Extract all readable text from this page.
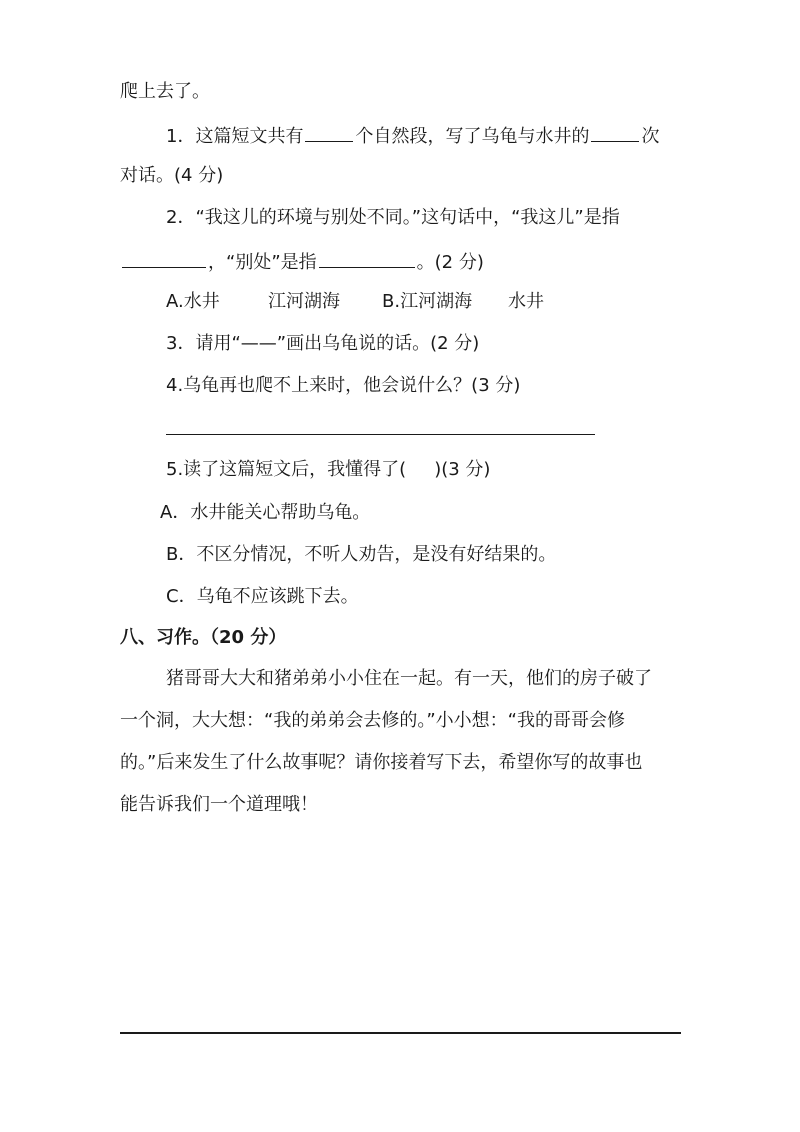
爬上去了。
1．这篇短文共有	个自然段，写了乌龟与水井的	次
对话。(4 分)
2．“我这儿的环境与别处不同。”这句话中，“我这儿”是指
，“别处”是指	。(2 分)
A.水井	江河湖海 B.江河湖海 水井
3．请用“——”画出乌龟说的话。(2 分)
4.乌龟再也爬不上来时，他会说什么？(3 分)
5.读了这篇短文后，我懂得了( )(3 分)
A．水井能关心帮助乌龟。
B．不区分情况，不听人劝告，是没有好结果的。
C．乌龟不应该跳下去。
八、习作。（20 分）
猪哥哥大大和猪弟弟小小住在一起。有一天，他们的房子破了
一个洞，大大想：“我的弟弟会去修的。”小小想：“我的哥哥会修
的。”后来发生了什么故事呢？请你接着写下去，希望你写的故事也
能告诉我们一个道理哦！
